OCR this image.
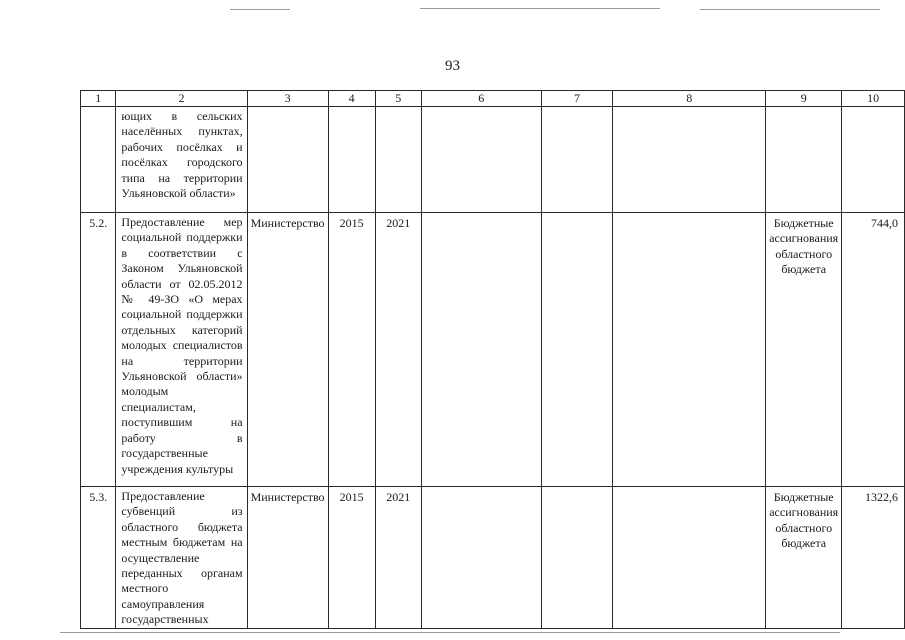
93
1	2	3	4	5	6	7	8	9	10
	ющих в сельских населённых пунктах, рабочих посёлках и посёлках городского типа на территории Ульяновской области»								
5.2.	Предоставление мер социальной поддержки в соответствии с Законом Ульяновской области от 02.05.2012 № 49-ЗО «О мерах социальной поддержки отдельных категорий молодых специалистов на территории Ульяновской области» молодым специалистам, поступившим на работу в государственные учреждения культуры	Министерство	2015	2021				Бюджетные ассигнования областного бюджета	744,0
5.3.	Предоставление субвенций из областного бюджета местным бюджетам на осуществление переданных органам местного самоуправления государственных	Министерство	2015	2021				Бюджетные ассигнования областного бюджета	1322,6
